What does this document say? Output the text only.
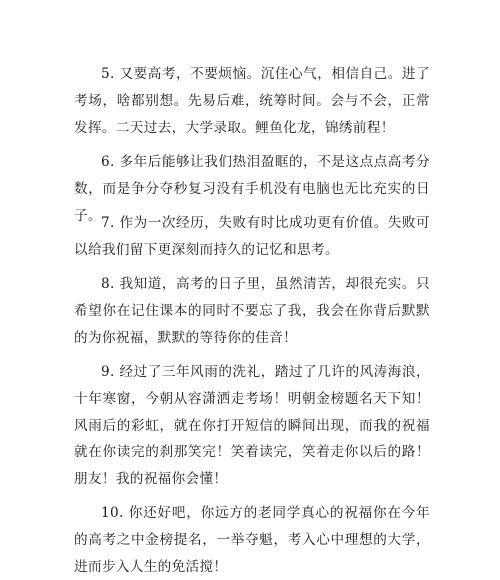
5. 又要高考，不要烦恼。沉住心气，相信自己。进了考场，啥都别想。先易后难，统筹时间。会与不会，正常发挥。二天过去，大学录取。鲤鱼化龙，锦绣前程！

6. 多年后能够让我们热泪盈眶的，不是这点点高考分数，而是争分夺秒复习没有手机没有电脑也无比充实的日子。 7. 作为一次经历，失败有时比成功更有价值。失败可以给我们留下更深刻而持久的记忆和思考。

8. 我知道，高考的日子里，虽然清苦，却很充实。只希望你在记住课本的同时不要忘了我，我会在你背后默默的为你祝福，默默的等待你的佳音！

9. 经过了三年风雨的洗礼，踏过了几许的风涛海浪，十年寒窗，今朝从容潇洒走考场！明朝金榜题名天下知！风雨后的彩虹，就在你打开短信的瞬间出现，而我的祝福就在你读完的刹那笑完！笑着读完，笑着走你以后的路！朋友！我的祝福你会懂！

10. 你还好吧，你远方的老同学真心的祝福你在今年的高考之中金榜提名，一举夺魁，考入心中理想的大学，进而步入人生的免活搅！
